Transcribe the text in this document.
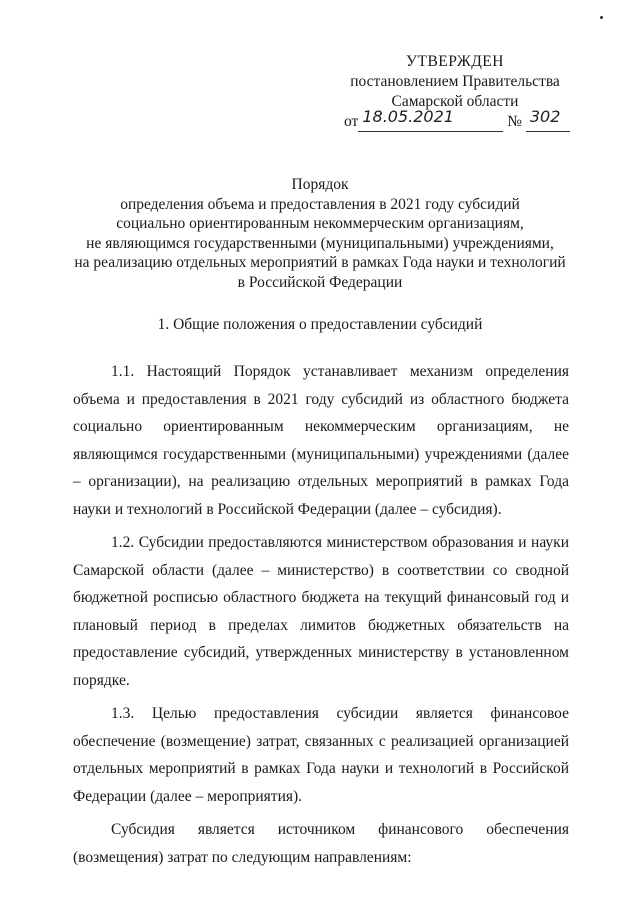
УТВЕРЖДЕН
постановлением Правительства
Самарской области
от 18.05.2021	№ 302
Порядок
определения объема и предоставления в 2021 году субсидий
социально ориентированным некоммерческим организациям,
не являющимся государственными (муниципальными) учреждениями,
на реализацию отдельных мероприятий в рамках Года науки и технологий
в Российской Федерации
1. Общие положения о предоставлении субсидий

1.1. Настоящий Порядок устанавливает механизм определения объема и предоставления в 2021 году субсидий из областного бюджета социально ориентированным некоммерческим организациям, не являющимся государственными (муниципальными) учреждениями (далее – организации), на реализацию отдельных мероприятий в рамках Года науки и технологий в Российской Федерации (далее – субсидия).

1.2. Субсидии предоставляются министерством образования и науки Самарской области (далее – министерство) в соответствии со сводной бюджетной росписью областного бюджета на текущий финансовый год и плановый период в пределах лимитов бюджетных обязательств на предоставление субсидий, утвержденных министерству в установленном порядке.

1.3. Целью предоставления субсидии является финансовое обеспечение (возмещение) затрат, связанных с реализацией организацией отдельных мероприятий в рамках Года науки и технологий в Российской Федерации (далее – мероприятия).

Субсидия является источником финансового обеспечения (возмещения) затрат по следующим направлениям:
